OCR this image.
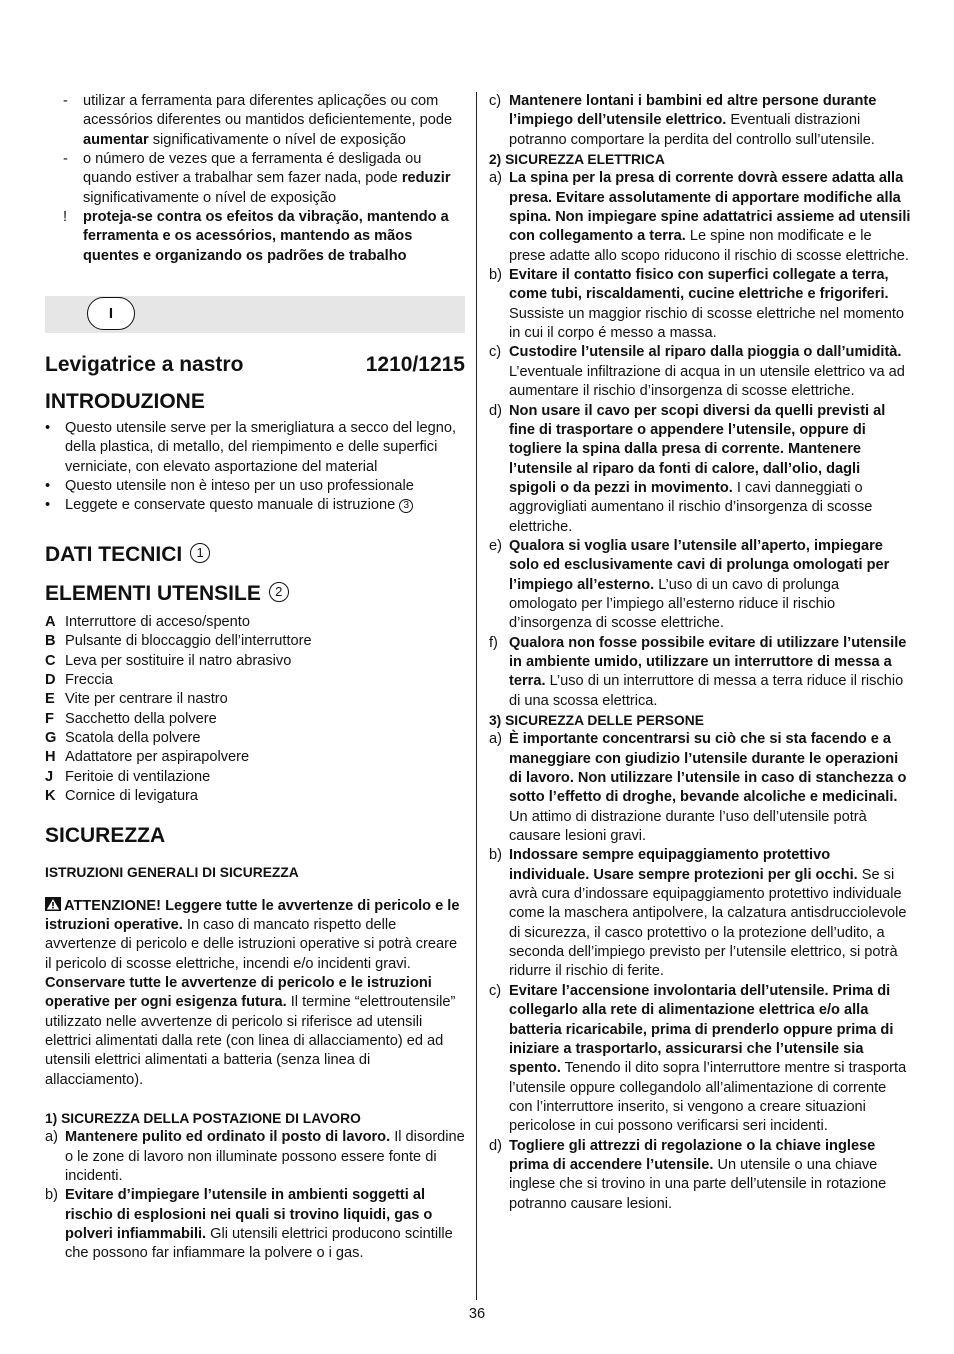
- utilizar a ferramenta para diferentes aplicações ou com acessórios diferentes ou mantidos deficientemente, pode aumentar significativamente o nível de exposição
- o número de vezes que a ferramenta é desligada ou quando estiver a trabalhar sem fazer nada, pode reduzir significativamente o nível de exposição
! proteja-se contra os efeitos da vibração, mantendo a ferramenta e os acessórios, mantendo as mãos quentes e organizando os padrões de trabalho
I
Levigatrice a nastro	1210/1215
INTRODUZIONE
• Questo utensile serve per la smerigliatura a secco del legno, della plastica, di metallo, del riempimento e delle superfici verniciate, con elevato asportazione del material
• Questo utensile non è inteso per un uso professionale
• Leggete e conservate questo manuale di istruzione 3
DATI TECNICI 1
ELEMENTI UTENSILE 2
A Interruttore di acceso/spento
B Pulsante di bloccaggio dell’interruttore
C Leva per sostituire il natro abrasivo
D Freccia
E Vite per centrare il nastro
F Sacchetto della polvere
G Scatola della polvere
H Adattatore per aspirapolvere
J Feritoie di ventilazione
K Cornice di levigatura
SICUREZZA
ISTRUZIONI GENERALI DI SICUREZZA
ATTENZIONE! Leggere tutte le avvertenze di pericolo e le istruzioni operative. In caso di mancato rispetto delle avvertenze di pericolo e delle istruzioni operative si potrà creare il pericolo di scosse elettriche, incendi e/o incidenti gravi. Conservare tutte le avvertenze di pericolo e le istruzioni operative per ogni esigenza futura. Il termine “elettroutensile” utilizzato nelle avvertenze di pericolo si riferisce ad utensili elettrici alimentati dalla rete (con linea di allacciamento) ed ad utensili elettrici alimentati a batteria (senza linea di allacciamento).
1) SICUREZZA DELLA POSTAZIONE DI LAVORO
a) Mantenere pulito ed ordinato il posto di lavoro. Il disordine o le zone di lavoro non illuminate possono essere fonte di incidenti.
b) Evitare d’impiegare l’utensile in ambienti soggetti al rischio di esplosioni nei quali si trovino liquidi, gas o polveri infiammabili. Gli utensili elettrici producono scintille che possono far infiammare la polvere o i gas.
c) Mantenere lontani i bambini ed altre persone durante l’impiego dell’utensile elettrico. Eventuali distrazioni potranno comportare la perdita del controllo sull’utensile.
2) SICUREZZA ELETTRICA
a) La spina per la presa di corrente dovrà essere adatta alla presa. Evitare assolutamente di apportare modifiche alla spina. Non impiegare spine adattatrici assieme ad utensili con collegamento a terra. Le spine non modificate e le prese adatte allo scopo riducono il rischio di scosse elettriche.
b) Evitare il contatto fisico con superfici collegate a terra, come tubi, riscaldamenti, cucine elettriche e frigoriferi. Sussiste un maggior rischio di scosse elettriche nel momento in cui il corpo é messo a massa.
c) Custodire l’utensile al riparo dalla pioggia o dall’umidità. L’eventuale infiltrazione di acqua in un utensile elettrico va ad aumentare il rischio d’insorgenza di scosse elettriche.
d) Non usare il cavo per scopi diversi da quelli previsti al fine di trasportare o appendere l’utensile, oppure di togliere la spina dalla presa di corrente. Mantenere l’utensile al riparo da fonti di calore, dall’olio, dagli spigoli o da pezzi in movimento. I cavi danneggiati o aggrovigliati aumentano il rischio d’insorgenza di scosse elettriche.
e) Qualora si voglia usare l’utensile all’aperto, impiegare solo ed esclusivamente cavi di prolunga omologati per l’impiego all’esterno. L’uso di un cavo di prolunga omologato per l’impiego all’esterno riduce il rischio d’insorgenza di scosse elettriche.
f) Qualora non fosse possibile evitare di utilizzare l’utensile in ambiente umido, utilizzare un interruttore di messa a terra. L’uso di un interruttore di messa a terra riduce il rischio di una scossa elettrica.
3) SICUREZZA DELLE PERSONE
a) È importante concentrarsi su ciò che si sta facendo e a maneggiare con giudizio l’utensile durante le operazioni di lavoro. Non utilizzare l’utensile in caso di stanchezza o sotto l’effetto di droghe, bevande alcoliche e medicinali. Un attimo di distrazione durante l’uso dell’utensile potrà causare lesioni gravi.
b) Indossare sempre equipaggiamento protettivo individuale. Usare sempre protezioni per gli occhi. Se si avrà cura d’indossare equipaggiamento protettivo individuale come la maschera antipolvere, la calzatura antisdrucciolevole di sicurezza, il casco protettivo o la protezione dell’udito, a seconda dell’impiego previsto per l’utensile elettrico, si potrà ridurre il rischio di ferite.
c) Evitare l’accensione involontaria dell’utensile. Prima di collegarlo alla rete di alimentazione elettrica e/o alla batteria ricaricabile, prima di prenderlo oppure prima di iniziare a trasportarlo, assicurarsi che l’utensile sia spento. Tenendo il dito sopra l’interruttore mentre si trasporta l’utensile oppure collegandolo all’alimentazione di corrente con l’interruttore inserito, si vengono a creare situazioni pericolose in cui possono verificarsi seri incidenti.
d) Togliere gli attrezzi di regolazione o la chiave inglese prima di accendere l’utensile. Un utensile o una chiave inglese che si trovino in una parte dell’utensile in rotazione potranno causare lesioni.
36
